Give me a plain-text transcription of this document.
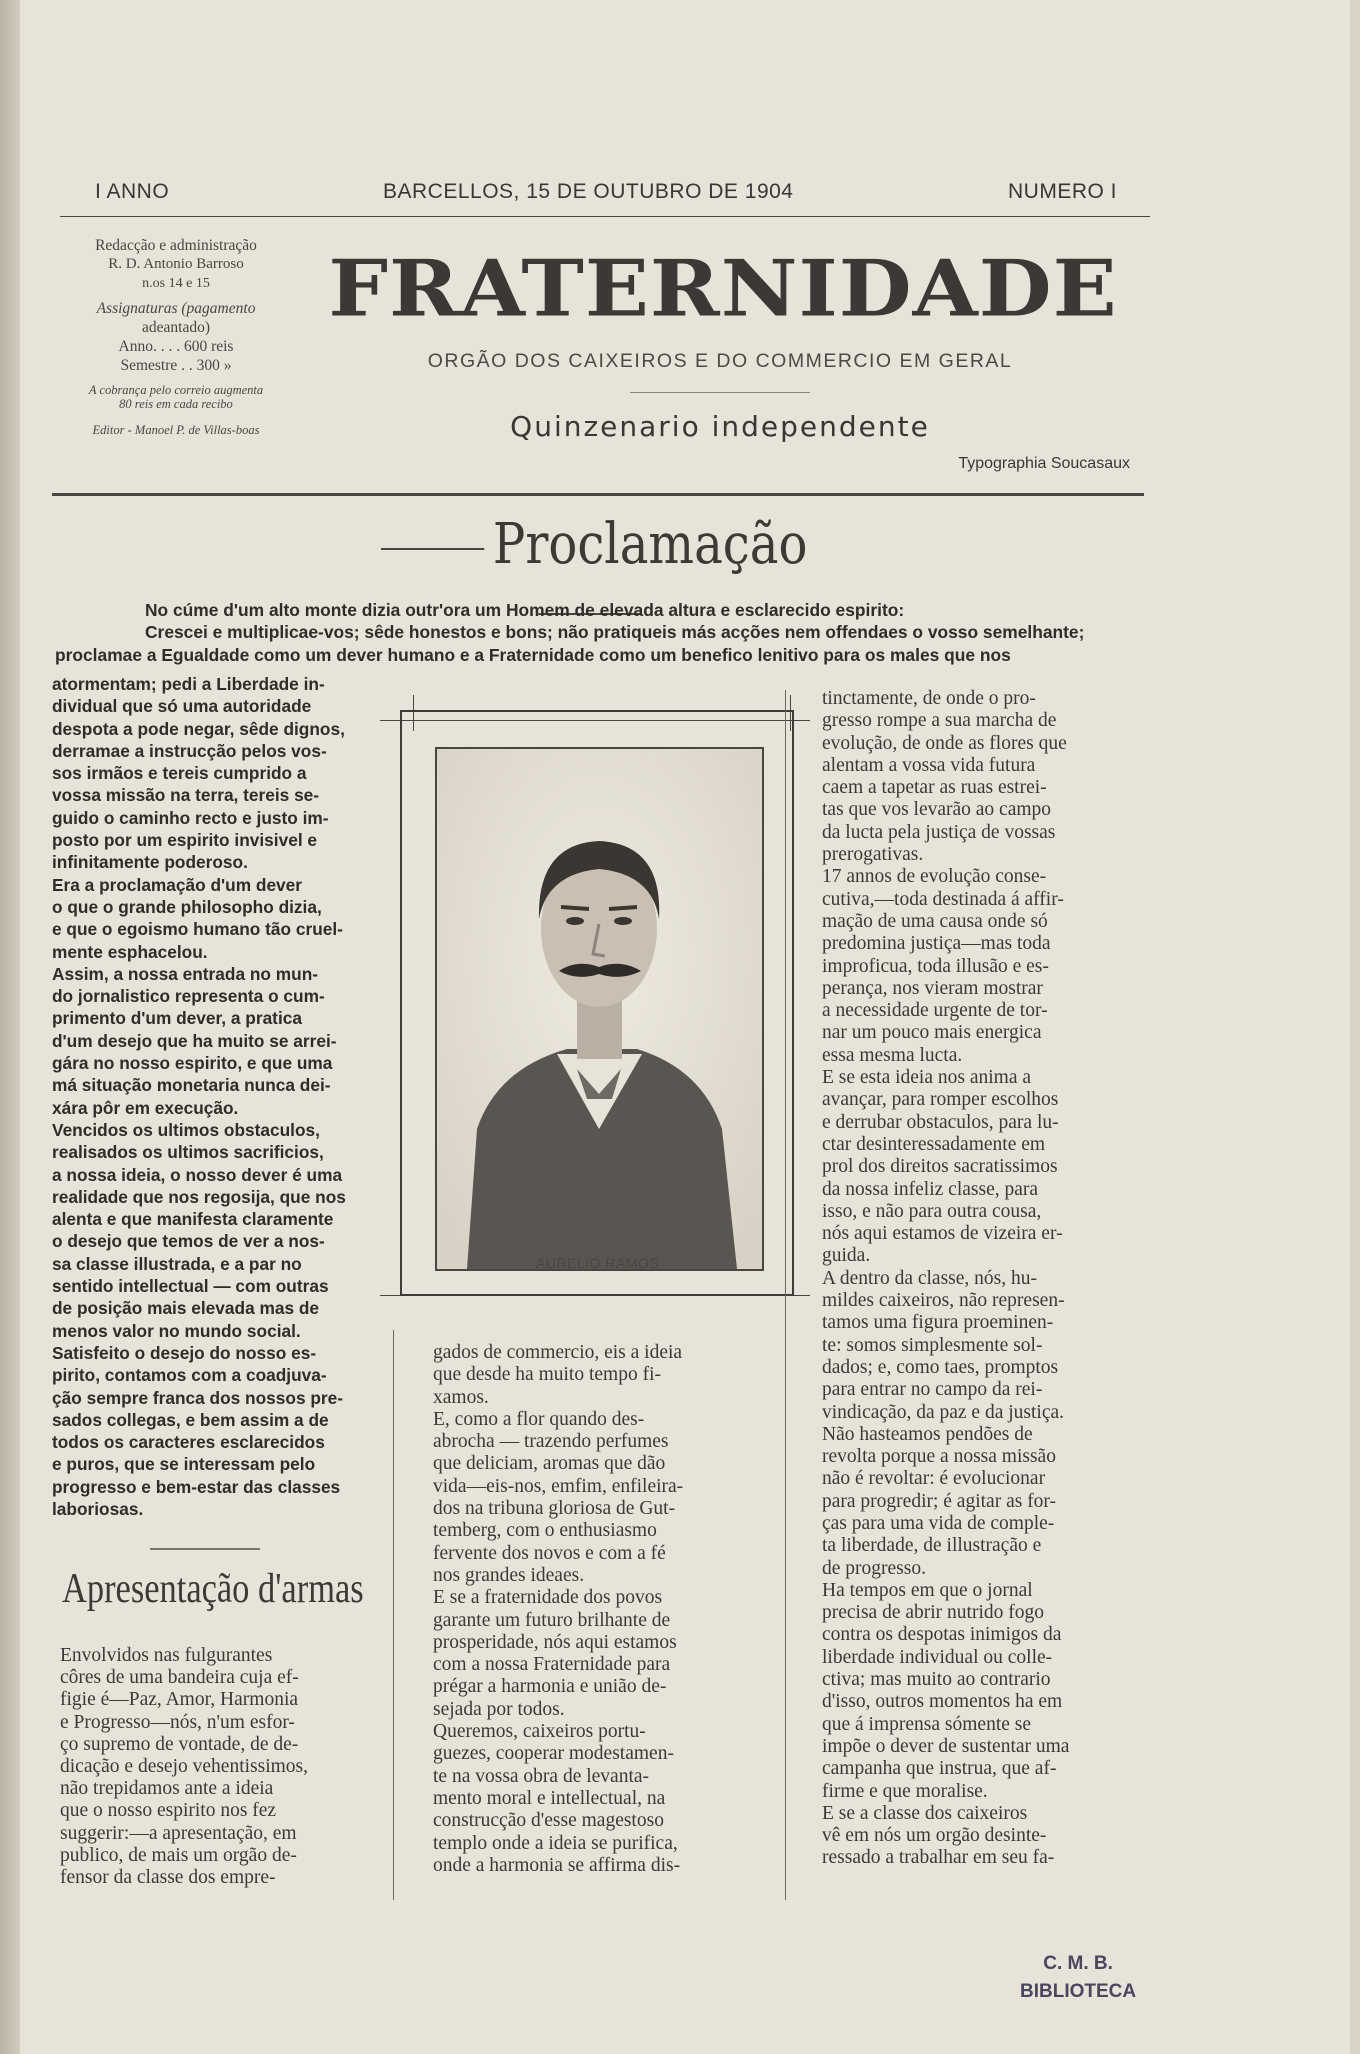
I ANNO	BARCELLOS, 15 DE OUTUBRO DE 1904	NUMERO I
Redacção e administração
R. D. Antonio Barroso
n.os 14 e 15
Assignaturas (pagamento
adeantado)
Anno. . . . 600 reis
Semestre . . 300 »
A cobrança pelo correio augmenta
80 reis em cada recibo
Editor - Manoel P. de Villas-boas
FRATERNIDADE
ORGÃO DOS CAIXEIROS E DO COMMERCIO EM GERAL
Quinzenario independente
Typographia Soucasaux
Proclamação
No cúme d'um alto monte dizia outr'ora um Homem de elevada altura e esclarecido espirito:
Crescei e multiplicae-vos; sêde honestos e bons; não pratiqueis más acções nem offendaes o vosso semelhante;
proclamae a Egualdade como um dever humano e a Fraternidade como um benefico lenitivo para os males que nos
atormentam; pedi a Liberdade in-
dividual que só uma autoridade
despota a pode negar, sêde dignos,
derramae a instrucção pelos vos-
sos irmãos e tereis cumprido a
vossa missão na terra, tereis se-
guido o caminho recto e justo im-
posto por um espirito invisivel e
infinitamente poderoso.
Era a proclamação d'um dever
o que o grande philosopho dizia,
e que o egoismo humano tão cruel-
mente esphacelou.
Assim, a nossa entrada no mun-
do jornalistico representa o cum-
primento d'um dever, a pratica
d'um desejo que ha muito se arrei-
gára no nosso espirito, e que uma
má situação monetaria nunca dei-
xára pôr em execução.
Vencidos os ultimos obstaculos,
realisados os ultimos sacrificios,
a nossa ideia, o nosso dever é uma
realidade que nos regosija, que nos
alenta e que manifesta claramente
o desejo que temos de ver a nos-
sa classe illustrada, e a par no
sentido intellectual — com outras
de posição mais elevada mas de
menos valor no mundo social.
Satisfeito o desejo do nosso es-
pirito, contamos com a coadjuva-
ção sempre franca dos nossos pre-
sados collegas, e bem assim a de
todos os caracteres esclarecidos
e puros, que se interessam pelo
progresso e bem-estar das classes
laboriosas.
AURELIO RAMOS
gados de commercio, eis a ideia
que desde ha muito tempo fi-
xamos.
E, como a flor quando des-
abrocha — trazendo perfumes
que deliciam, aromas que dão
vida—eis-nos, emfim, enfileira-
dos na tribuna gloriosa de Gut-
temberg, com o enthusiasmo
fervente dos novos e com a fé
nos grandes ideaes.
E se a fraternidade dos povos
garante um futuro brilhante de
prosperidade, nós aqui estamos
com a nossa Fraternidade para
prégar a harmonia e união de-
sejada por todos.
Queremos, caixeiros portu-
guezes, cooperar modestamen-
te na vossa obra de levanta-
mento moral e intellectual, na
construcção d'esse magestoso
templo onde a ideia se purifica,
onde a harmonia se affirma dis-
tinctamente, de onde o pro-
gresso rompe a sua marcha de
evolução, de onde as flores que
alentam a vossa vida futura
caem a tapetar as ruas estrei-
tas que vos levarão ao campo
da lucta pela justiça de vossas
prerogativas.
17 annos de evolução conse-
cutiva,—toda destinada á affir-
mação de uma causa onde só
predomina justiça—mas toda
improficua, toda illusão e es-
perança, nos vieram mostrar
a necessidade urgente de tor-
nar um pouco mais energica
essa mesma lucta.
E se esta ideia nos anima a
avançar, para romper escolhos
e derrubar obstaculos, para lu-
ctar desinteressadamente em
prol dos direitos sacratissimos
da nossa infeliz classe, para
isso, e não para outra cousa,
nós aqui estamos de vizeira er-
guida.
A dentro da classe, nós, hu-
mildes caixeiros, não represen-
tamos uma figura proeminen-
te: somos simplesmente sol-
dados; e, como taes, promptos
para entrar no campo da rei-
vindicação, da paz e da justiça.
Não hasteamos pendões de
revolta porque a nossa missão
não é revoltar: é evolucionar
para progredir; é agitar as for-
ças para uma vida de comple-
ta liberdade, de illustração e
de progresso.
Ha tempos em que o jornal
precisa de abrir nutrido fogo
contra os despotas inimigos da
liberdade individual ou colle-
ctiva; mas muito ao contrario
d'isso, outros momentos ha em
que á imprensa sómente se
impõe o dever de sustentar uma
campanha que instrua, que af-
firme e que moralise.
E se a classe dos caixeiros
vê em nós um orgão desinte-
ressado a trabalhar em seu fa-
Apresentação d'armas
Envolvidos nas fulgurantes
côres de uma bandeira cuja ef-
figie é—Paz, Amor, Harmonia
e Progresso—nós, n'um esfor-
ço supremo de vontade, de de-
dicação e desejo vehentissimos,
não trepidamos ante a ideia
que o nosso espirito nos fez
suggerir:—a apresentação, em
publico, de mais um orgão de-
fensor da classe dos empre-
C. M. B.
BIBLIOTECA
